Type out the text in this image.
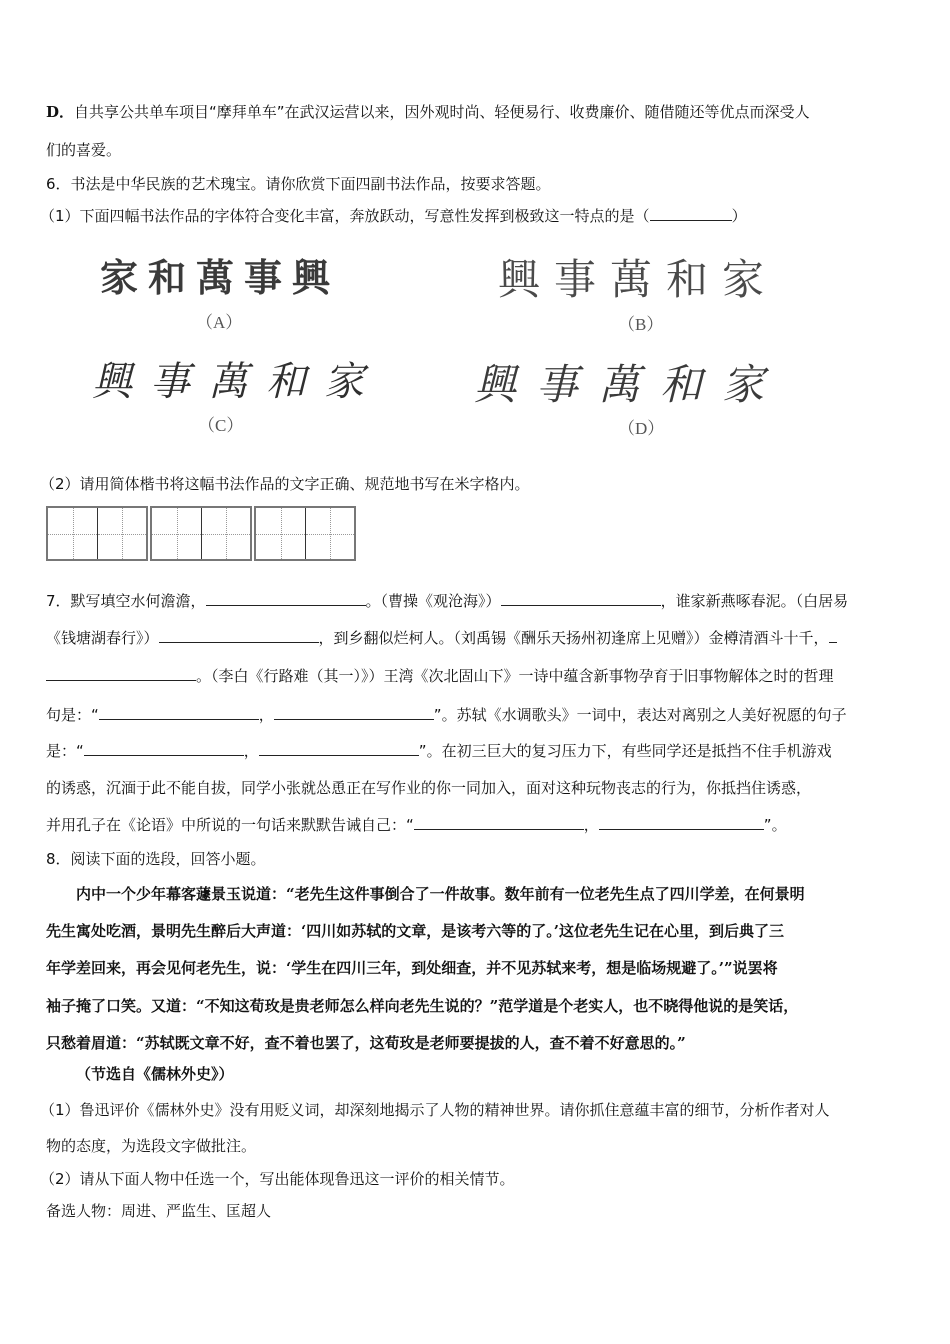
D．自共享公共单车项目“摩拜单车”在武汉运营以来，因外观时尚、轻便易行、收费廉价、随借随还等优点而深受人
们的喜爱。
6．书法是中华民族的艺术瑰宝。请你欣赏下面四副书法作品，按要求答题。
（1）下面四幅书法作品的字体符合变化丰富，奔放跃动，写意性发挥到极致这一特点的是（	）
家和萬事興
（A）
興事萬和家
（B）
興事萬和家
（C）
興事萬和家
（D）
（2）请用简体楷书将这幅书法作品的文字正确、规范地书写在米字格内。
7．默写填空水何澹澹，	。（曹操《观沧海》）	，谁家新燕啄春泥。（白居易
《钱塘湖春行》）	，到乡翻似烂柯人。（刘禹锡《酬乐天扬州初逢席上见赠》）金樽清酒斗十千，
。（李白《行路难（其一）》）王湾《次北固山下》一诗中蕴含新事物孕育于旧事物解体之时的哲理
句是：“	，	”。苏轼《水调歌头》一词中，表达对离别之人美好祝愿的句子
是：“	，	”。在初三巨大的复习压力下，有些同学还是抵挡不住手机游戏
的诱惑，沉湎于此不能自拔，同学小张就怂恿正在写作业的你一同加入，面对这种玩物丧志的行为，你抵挡住诱惑，
并用孔子在《论语》中所说的一句话来默默告诫自己：“	，	”。
8．阅读下面的选段，回答小题。
内中一个少年幕客蘧景玉说道：“老先生这件事倒合了一件故事。数年前有一位老先生点了四川学差，在何景明
先生寓处吃酒，景明先生醉后大声道：‘四川如苏轼的文章，是该考六等的了。’这位老先生记在心里，到后典了三
年学差回来，再会见何老先生，说：‘学生在四川三年，到处细查，并不见苏轼来考，想是临场规避了。’”说罢将
袖子掩了口笑。又道：“不知这荀玫是贵老师怎么样向老先生说的？”范学道是个老实人，也不晓得他说的是笑话，
只愁着眉道：“苏轼既文章不好，查不着也罢了，这荀玫是老师要提拔的人，查不着不好意思的。”
（节选自《儒林外史》）
（1）鲁迅评价《儒林外史》没有用贬义词，却深刻地揭示了人物的精神世界。请你抓住意蕴丰富的细节，分析作者对人
物的态度，为选段文字做批注。
（2）请从下面人物中任选一个，写出能体现鲁迅这一评价的相关情节。
备选人物：周进、严监生、匡超人
